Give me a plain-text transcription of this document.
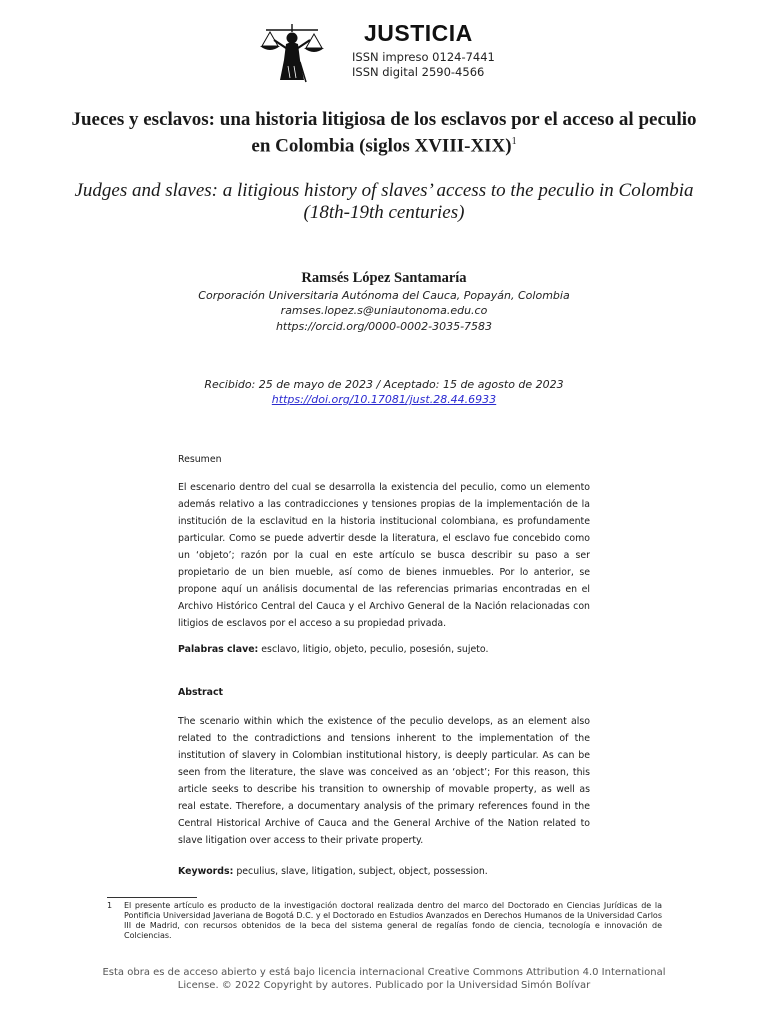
JUSTICIA
ISSN impreso 0124-7441
ISSN digital 2590-4566
Jueces y esclavos: una historia litigiosa de los esclavos por el acceso al peculio en Colombia (siglos XVIII-XIX)$^1$
Judges and slaves: a litigious history of slaves’ access to the peculio in Colombia (18th-19th centuries)
Ramsés López Santamaría
Corporación Universitaria Autónoma del Cauca, Popayán, Colombia
ramses.lopez.s@uniautonoma.edu.co
https://orcid.org/0000-0002-3035-7583
Recibido: 25 de mayo de 2023 / Aceptado: 15 de agosto de 2023
https://doi.org/10.17081/just.28.44.6933
Resumen
El escenario dentro del cual se desarrolla la existencia del peculio, como un elemento además relativo a las contradicciones y tensiones propias de la implementación de la institución de la esclavitud en la historia institucional colombiana, es profundamente particular. Como se puede advertir desde la literatura, el esclavo fue concebido como un ‘objeto’; razón por la cual en este artículo se busca describir su paso a ser propietario de un bien mueble, así como de bienes inmuebles. Por lo anterior, se propone aquí un análisis documental de las referencias primarias encontradas en el Archivo Histórico Central del Cauca y el Archivo General de la Nación relacionadas con litigios de esclavos por el acceso a su propiedad privada.
Palabras clave: esclavo, litigio, objeto, peculio, posesión, sujeto.
Abstract
The scenario within which the existence of the peculio develops, as an element also related to the contradictions and tensions inherent to the implementation of the institution of slavery in Colombian institutional history, is deeply particular. As can be seen from the literature, the slave was conceived as an ‘object’; For this reason, this article seeks to describe his transition to ownership of movable property, as well as real estate. Therefore, a documentary analysis of the primary references found in the Central Historical Archive of Cauca and the General Archive of the Nation related to slave litigation over access to their private property.
Keywords: peculius, slave, litigation, subject, object, possession.
1	El presente artículo es producto de la investigación doctoral realizada dentro del marco del Doctorado en Ciencias Jurídicas de la Pontificia Universidad Javeriana de Bogotá D.C. y el Doctorado en Estudios Avanzados en Derechos Humanos de la Universidad Carlos III de Madrid, con recursos obtenidos de la beca del sistema general de regalías fondo de ciencia, tecnología e innovación de Colciencias.
Esta obra es de acceso abierto y está bajo licencia internacional Creative Commons Attribution 4.0 International License. © 2022 Copyright by autores. Publicado por la Universidad Simón Bolívar
